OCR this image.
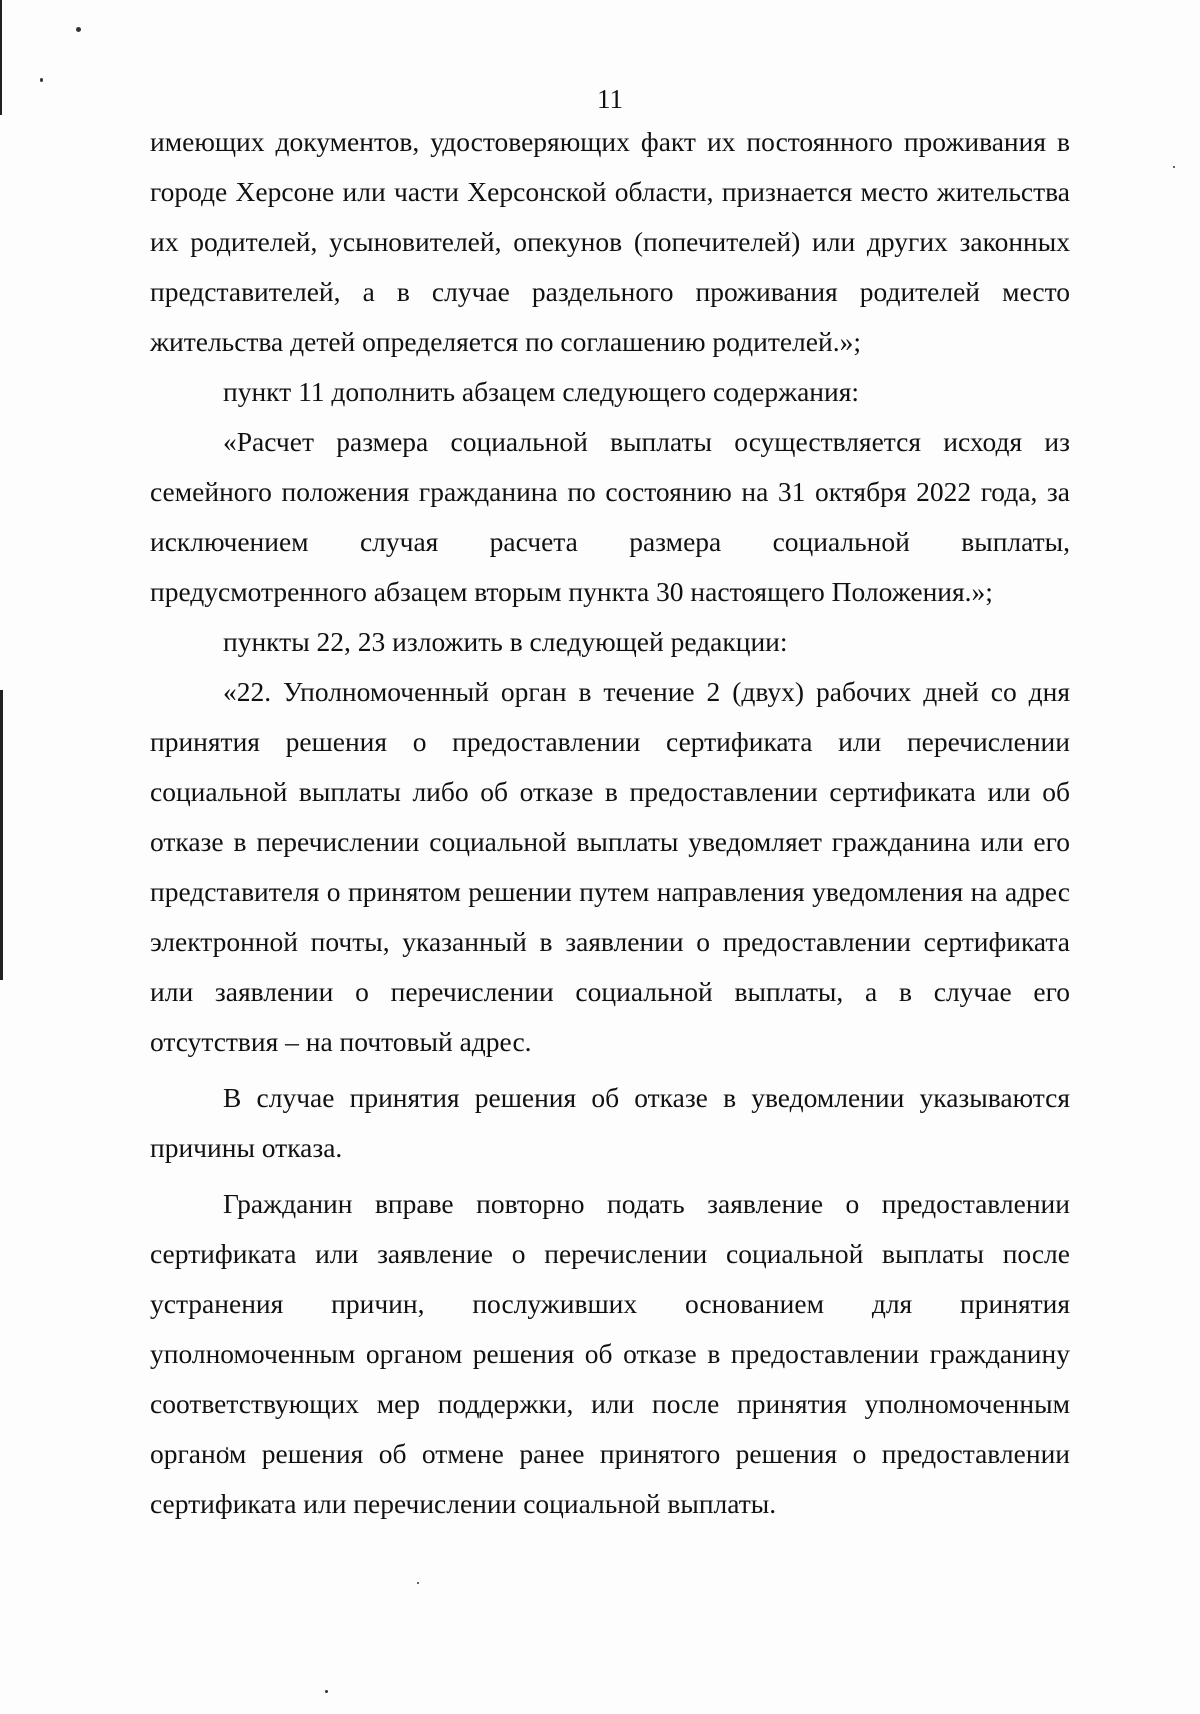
11

имеющих документов, удостоверяющих факт их постоянного проживания в городе Херсоне или части Херсонской области, признается место жительства их родителей, усыновителей, опекунов (попечителей) или других законных представителей, а в случае раздельного проживания родителей место жительства детей определяется по соглашению родителей.»;

пункт 11 дополнить абзацем следующего содержания:

«Расчет размера социальной выплаты осуществляется исходя из семейного положения гражданина по состоянию на 31 октября 2022 года, за исключением случая расчета размера социальной выплаты, предусмотренного абзацем вторым пункта 30 настоящего Положения.»;

пункты 22, 23 изложить в следующей редакции:

«22. Уполномоченный орган в течение 2 (двух) рабочих дней со дня принятия решения о предоставлении сертификата или перечислении социальной выплаты либо об отказе в предоставлении сертификата или об отказе в перечислении социальной выплаты уведомляет гражданина или его представителя о принятом решении путем направления уведомления на адрес электронной почты, указанный в заявлении о предоставлении сертификата или заявлении о перечислении социальной выплаты, а в случае его отсутствия – на почтовый адрес.

В случае принятия решения об отказе в уведомлении указываются причины отказа.

Гражданин вправе повторно подать заявление о предоставлении сертификата или заявление о перечислении социальной выплаты после устранения причин, послуживших основанием для принятия уполномоченным органом решения об отказе в предоставлении гражданину соответствующих мер поддержки, или после принятия уполномоченным органом решения об отмене ранее принятого решения о предоставлении сертификата или перечислении социальной выплаты.
